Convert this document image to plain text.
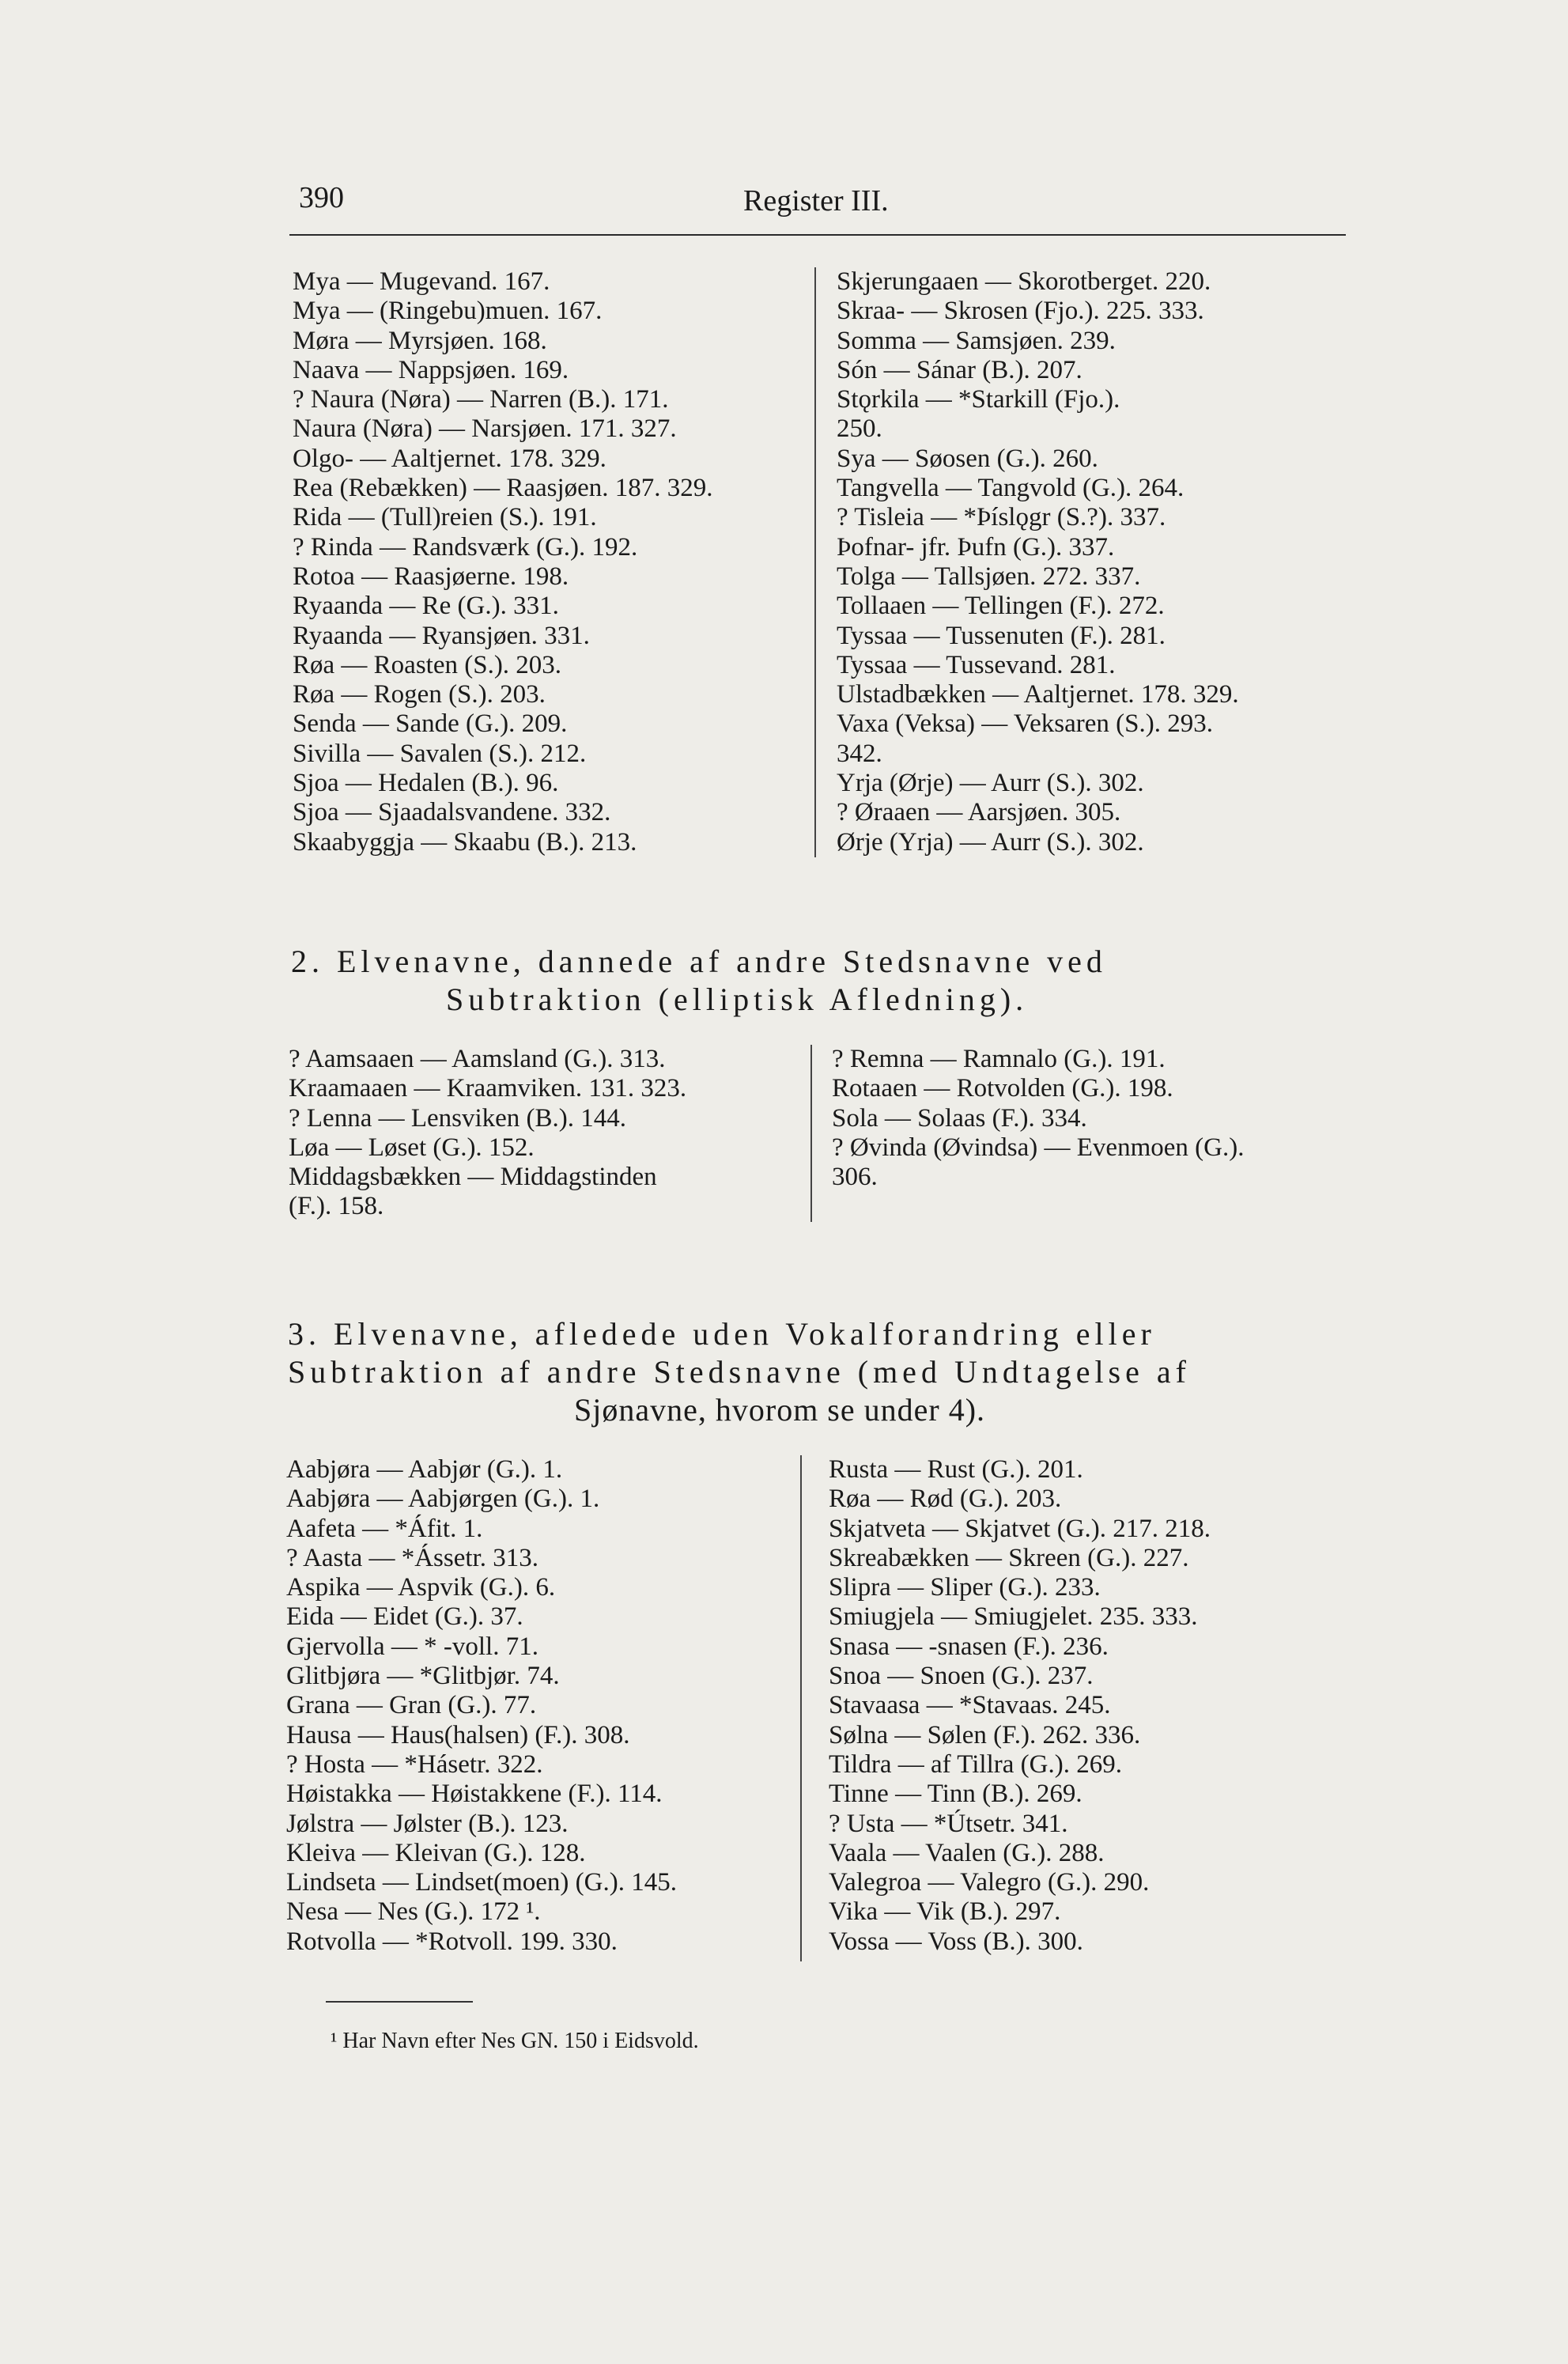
390	Register III.
Mya — Mugevand. 167.
Mya — (Ringebu)muen. 167.
Møra — Myrsjøen. 168.
Naava — Nappsjøen. 169.
? Naura (Nøra) — Narren (B.). 171.
Naura (Nøra) — Narsjøen. 171. 327.
Olgo- — Aaltjernet. 178. 329.
Rea (Rebækken) — Raasjøen. 187. 329.
Rida — (Tull)reien (S.). 191.
? Rinda — Randsværk (G.). 192.
Rotoa — Raasjøerne. 198.
Ryaanda — Re (G.). 331.
Ryaanda — Ryansjøen. 331.
Røa — Roasten (S.). 203.
Røa — Rogen (S.). 203.
Senda — Sande (G.). 209.
Sivilla — Savalen (S.). 212.
Sjoa — Hedalen (B.). 96.
Sjoa — Sjaadalsvandene. 332.
Skaabyggja — Skaabu (B.). 213.
Skjerungaaen — Skorotberget. 220.
Skraa- — Skrosen (Fjo.). 225. 333.
Somma — Samsjøen. 239.
Són — Sánar (B.). 207.
Stǫrkila — *Starkill (Fjo.).
250.
Sya — Søosen (G.). 260.
Tangvella — Tangvold (G.). 264.
? Tisleia — *Þíslǫgr (S.?). 337.
Þofnar- jfr. Þufn (G.). 337.
Tolga — Tallsjøen. 272. 337.
Tollaaen — Tellingen (F.). 272.
Tyssaa — Tussenuten (F.). 281.
Tyssaa — Tussevand. 281.
Ulstadbækken — Aaltjernet. 178. 329.
Vaxa (Veksa) — Veksaren (S.). 293.
342.
Yrja (Ørje) — Aurr (S.). 302.
? Øraaen — Aarsjøen. 305.
Ørje (Yrja) — Aurr (S.). 302.
2. Elvenavne, dannede af andre Stedsnavne ved
Subtraktion (elliptisk Afledning).
? Aamsaaen — Aamsland (G.). 313.
Kraamaaen — Kraamviken. 131. 323.
? Lenna — Lensviken (B.). 144.
Løa — Løset (G.). 152.
Middagsbækken — Middagstinden
(F.). 158.
? Remna — Ramnalo (G.). 191.
Rotaaen — Rotvolden (G.). 198.
Sola — Solaas (F.). 334.
? Øvinda (Øvindsa) — Evenmoen (G.).
306.
3. Elvenavne, afledede uden Vokalforandring eller
Subtraktion af andre Stedsnavne (med Undtagelse af
Sjønavne, hvorom se under 4).
Aabjøra — Aabjør (G.). 1.
Aabjøra — Aabjørgen (G.). 1.
Aafeta — *Áfit. 1.
? Aasta — *Ássetr. 313.
Aspika — Aspvik (G.). 6.
Eida — Eidet (G.). 37.
Gjervolla — * -voll. 71.
Glitbjøra — *Glitbjør. 74.
Grana — Gran (G.). 77.
Hausa — Haus(halsen) (F.). 308.
? Hosta — *Hásetr. 322.
Høistakka — Høistakkene (F.). 114.
Jølstra — Jølster (B.). 123.
Kleiva — Kleivan (G.). 128.
Lindseta — Lindset(moen) (G.). 145.
Nesa — Nes (G.). 172 ¹.
Rotvolla — *Rotvoll. 199. 330.
Rusta — Rust (G.). 201.
Røa — Rød (G.). 203.
Skjatveta — Skjatvet (G.). 217. 218.
Skreabækken — Skreen (G.). 227.
Slipra — Sliper (G.). 233.
Smiugjela — Smiugjelet. 235. 333.
Snasa — -snasen (F.). 236.
Snoa — Snoen (G.). 237.
Stavaasa — *Stavaas. 245.
Sølna — Sølen (F.). 262. 336.
Tildra — af Tillra (G.). 269.
Tinne — Tinn (B.). 269.
? Usta — *Útsetr. 341.
Vaala — Vaalen (G.). 288.
Valegroa — Valegro (G.). 290.
Vika — Vik (B.). 297.
Vossa — Voss (B.). 300.
¹ Har Navn efter Nes GN. 150 i Eidsvold.
